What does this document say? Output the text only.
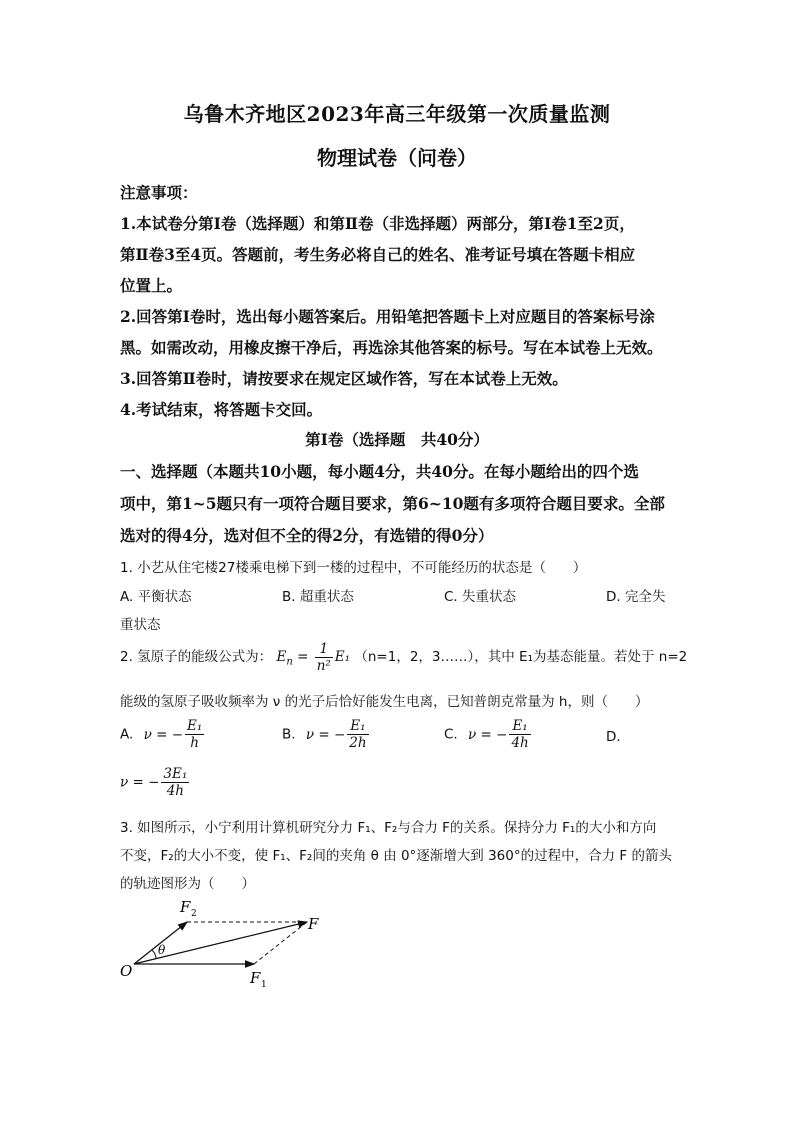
乌鲁木齐地区2023年高三年级第一次质量监测
物理试卷（问卷）
注意事项：
1.本试卷分第Ⅰ卷（选择题）和第Ⅱ卷（非选择题）两部分，第Ⅰ卷1至2页，
第Ⅱ卷3至4页。答题前，考生务必将自己的姓名、准考证号填在答题卡相应
位置上。
2.回答第Ⅰ卷时，选出每小题答案后。用铅笔把答题卡上对应题目的答案标号涂
黑。如需改动，用橡皮擦干净后，再选涂其他答案的标号。写在本试卷上无效。
3.回答第Ⅱ卷时，请按要求在规定区域作答，写在本试卷上无效。
4.考试结束，将答题卡交回。
第Ⅰ卷（选择题　共40分）
一、选择题（本题共10小题，每小题4分，共40分。在每小题给出的四个选
项中，第1~5题只有一项符合题目要求，第6~10题有多项符合题目要求。全部
选对的得4分，选对但不全的得2分，有选错的得0分）
1. 小艺从住宅楼27楼乘电梯下到一楼的过程中，不可能经历的状态是（　　）
A. 平衡状态	B. 超重状态	C. 失重状态	D. 完全失
重状态
2. 氢原子的能级公式为： $E_n = \frac{1}{\text{n²}} E_1$ （n=1，2，3……），其中 E₁为基态能量。若处于 n=2
能级的氢原子吸收频率为 ν 的光子后恰好能发生电离，已知普朗克常量为 h，则（　　）
A. ν = − $\frac{\text{E₁}}{h}$	B. ν = − $\frac{\text{E₁}}{2h}$	C. ν = − $\frac{\text{E₁}}{4h}$	D.
ν = − $\frac{\text{3E₁}}{4h}$
3. 如图所示，小宁利用计算机研究分力 F₁、F₂与合力 F的关系。保持分力 F₁的大小和方向
不变，F₂的大小不变，使 F₁、F₂间的夹角 θ 由 0°逐渐增大到 360°的过程中，合力 F 的箭头
的轨迹图形为（　　）
O
F
F 1
F 2
θ
